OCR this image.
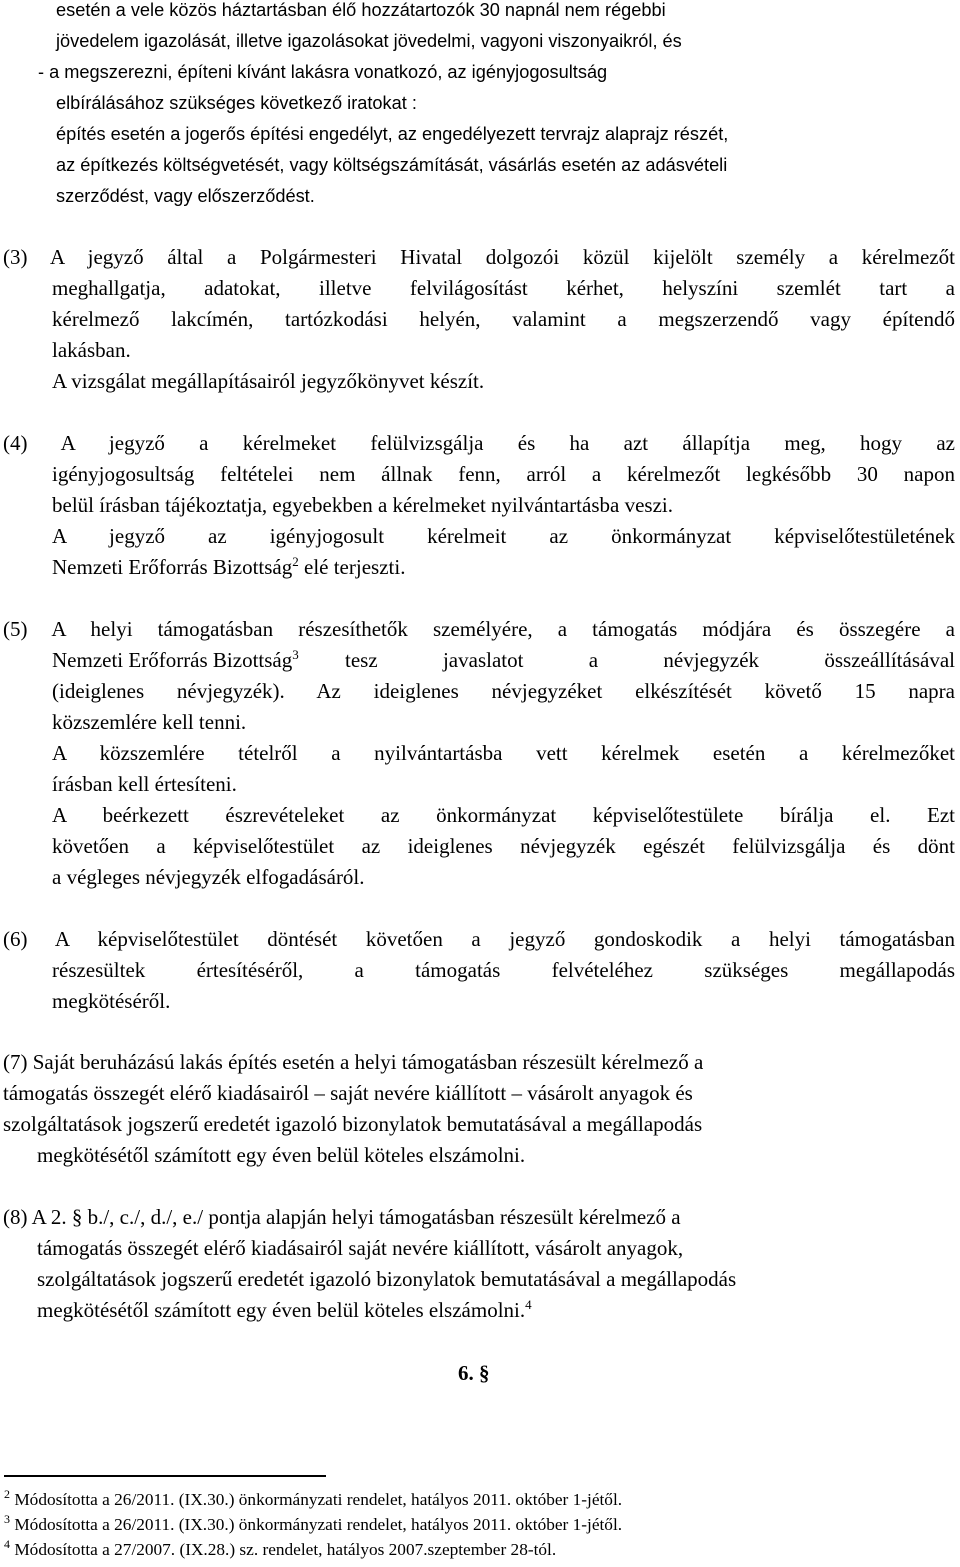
esetén a vele közös háztartásban élő hozzátartozók 30 napnál nem régebbi
jövedelem igazolását, illetve igazolásokat jövedelmi, vagyoni viszonyaikról, és
- a megszerezni, építeni kívánt lakásra vonatkozó, az igényjogosultság
elbírálásához szükséges következő iratokat :
építés esetén a jogerős építési engedélyt, az engedélyezett tervrajz alaprajz részét,
az építkezés költségvetését, vagy költségszámítását, vásárlás esetén az adásvételi
szerződést, vagy előszerződést.
(3) A jegyző által a Polgármesteri Hivatal dolgozói közül kijelölt személy a kérelmezőt
meghallgatja, adatokat, illetve felvilágosítást kérhet, helyszíni szemlét tart a
kérelmező lakcímén, tartózkodási helyén, valamint a megszerzendő vagy építendő
lakásban.
A vizsgálat megállapításairól jegyzőkönyvet készít.
(4) A jegyző a kérelmeket felülvizsgálja és ha azt állapítja meg, hogy az
igényjogosultság feltételei nem állnak fenn, arról a kérelmezőt legkésőbb 30 napon
belül írásban tájékoztatja, egyebekben a kérelmeket nyilvántartásba veszi.
A jegyző az igényjogosult kérelmeit az önkormányzat képviselőtestületének
Nemzeti Erőforrás Bizottság$^2$ elé terjeszti.
(5) A helyi támogatásban részesíthetők személyére, a támogatás módjára és összegére a
Nemzeti Erőforrás Bizottság$^3$ tesz javaslatot a névjegyzék összeállításával
(ideiglenes névjegyzék). Az ideiglenes névjegyzéket elkészítését követő 15 napra
közszemlére kell tenni.
A közszemlére tételről a nyilvántartásba vett kérelmek esetén a kérelmezőket
írásban kell értesíteni.
A beérkezett észrevételeket az önkormányzat képviselőtestülete bírálja el. Ezt
követően a képviselőtestület az ideiglenes névjegyzék egészét felülvizsgálja és dönt
a végleges névjegyzék elfogadásáról.
(6) A képviselőtestület döntését követően a jegyző gondoskodik a helyi támogatásban
részesültek értesítéséről, a támogatás felvételéhez szükséges megállapodás
megkötéséről.
(7) Saját beruházású lakás építés esetén a helyi támogatásban részesült kérelmező a
támogatás összegét elérő kiadásairól – saját nevére kiállított – vásárolt anyagok és
szolgáltatások jogszerű eredetét igazoló bizonylatok bemutatásával a megállapodás
megkötésétől számított egy éven belül köteles elszámolni.
(8) A 2. § b./, c./, d./, e./ pontja alapján helyi támogatásban részesült kérelmező a
támogatás összegét elérő kiadásairól saját nevére kiállított, vásárolt anyagok,
szolgáltatások jogszerű eredetét igazoló bizonylatok bemutatásával a megállapodás
megkötésétől számított egy éven belül köteles elszámolni.$^4$
6. §
$^2$ Módosította a 26/2011. (IX.30.) önkormányzati rendelet, hatályos 2011. október 1-jétől.
$^3$ Módosította a 26/2011. (IX.30.) önkormányzati rendelet, hatályos 2011. október 1-jétől.
$^4$ Módosította a 27/2007. (IX.28.) sz. rendelet, hatályos 2007.szeptember 28-tól.
